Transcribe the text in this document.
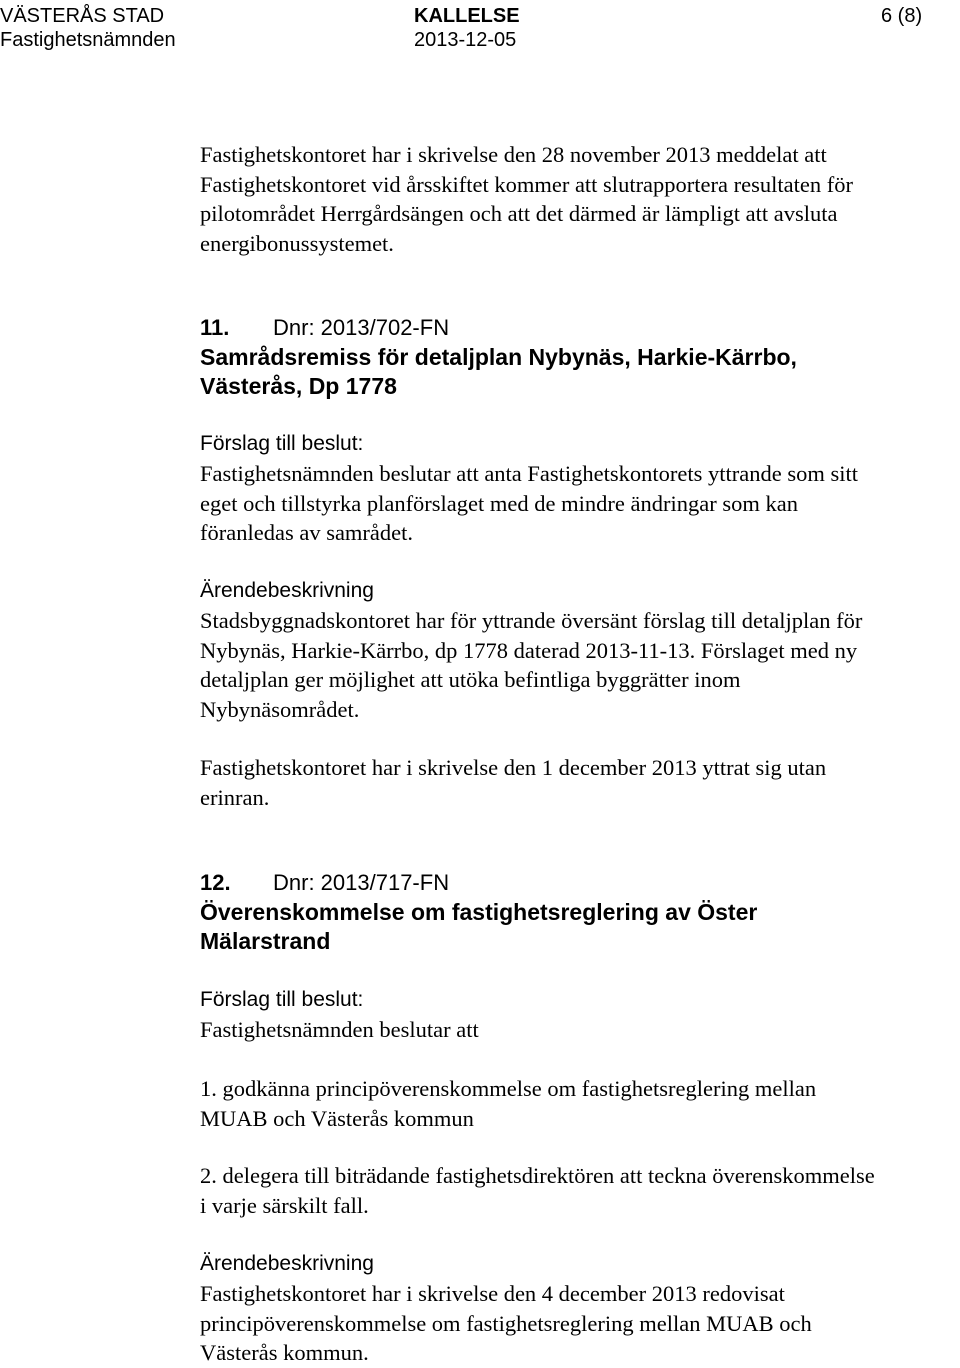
VÄSTERÅS STAD
Fastighetsnämnden
KALLELSE
2013-12-05
6 (8)
Fastighetskontoret har i skrivelse den 28 november 2013 meddelat att
Fastighetskontoret vid årsskiftet kommer att slutrapportera resultaten för
pilotområdet Herrgårdsängen och att det därmed är lämpligt att avsluta
energibonussystemet.
11. Dnr: 2013/702-FN
Samrådsremiss för detaljplan Nybynäs, Harkie-Kärrbo,
Västerås, Dp 1778
Förslag till beslut:
Fastighetsnämnden beslutar att anta Fastighetskontorets yttrande som sitt
eget och tillstyrka planförslaget med de mindre ändringar som kan
föranledas av samrådet.
Ärendebeskrivning
Stadsbyggnadskontoret har för yttrande översänt förslag till detaljplan för
Nybynäs, Harkie-Kärrbo, dp 1778 daterad 2013-11-13. Förslaget med ny
detaljplan ger möjlighet att utöka befintliga byggrätter inom
Nybynäsområdet.
Fastighetskontoret har i skrivelse den 1 december 2013 yttrat sig utan
erinran.
12. Dnr: 2013/717-FN
Överenskommelse om fastighetsreglering av Öster
Mälarstrand
Förslag till beslut:
Fastighetsnämnden beslutar att
1. godkänna principöverenskommelse om fastighetsreglering mellan
MUAB och Västerås kommun
2. delegera till biträdande fastighetsdirektören att teckna överenskommelse
i varje särskilt fall.
Ärendebeskrivning
Fastighetskontoret har i skrivelse den 4 december 2013 redovisat
principöverenskommelse om fastighetsreglering mellan MUAB och
Västerås kommun.
